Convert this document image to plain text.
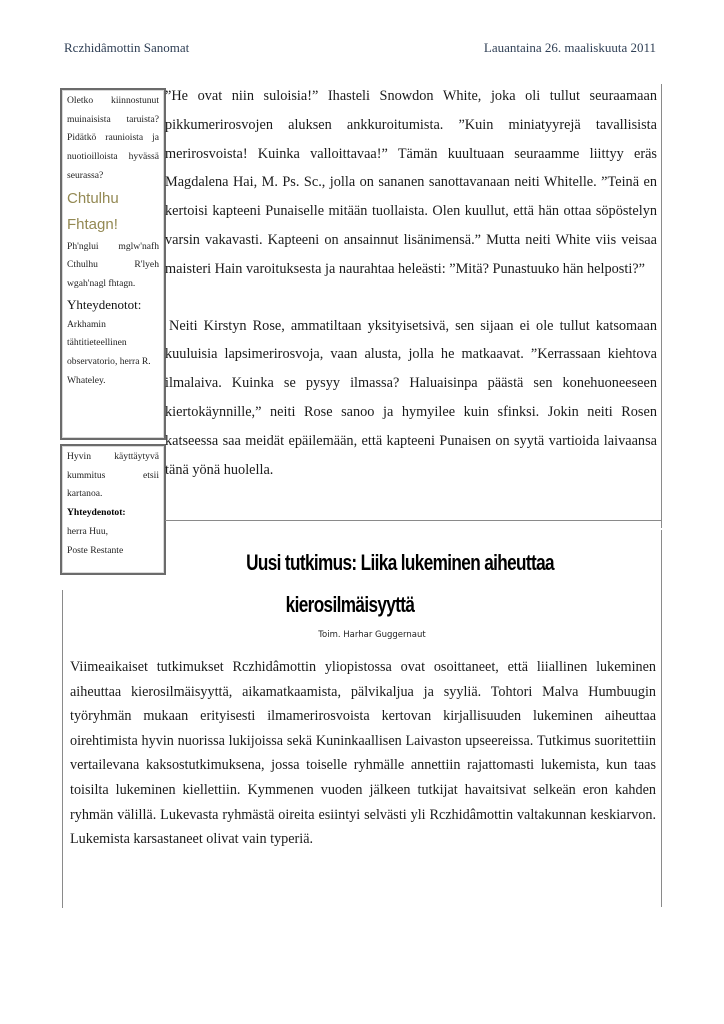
Rczhidâmottin Sanomat	Lauantaina 26. maaliskuuta 2011

Oletko kiinnostunut muinaisista taruista? Pidätkö raunioista ja nuotioilloista hyvässä seurassa?

Chtulhu Fhtagn!

Ph'nglui mglw'nafh Cthulhu R'lyeh wgah'nagl fhtagn.

Yhteydenotot:

Arkhamin tähtitieteellinen observatorio, herra R. Whateley.

Hyvin käyttäytyvä kummitus etsii kartanoa.

Yhteydenotot:

herra Huu,

Poste Restante

”He ovat niin suloisia!” Ihasteli Snowdon White, joka oli tullut seuraamaan pikkumerirosvojen aluksen ankkuroitumista. ”Kuin miniatyyrejä tavallisista merirosvoista! Kuinka valloittavaa!” Tämän kuultuaan seuraamme liittyy eräs Magdalena Hai, M. Ps. Sc., jolla on sananen sanottavanaan neiti Whitelle. ”Teinä en kertoisi kapteeni Punaiselle mitään tuollaista. Olen kuullut, että hän ottaa söpöstelyn varsin vakavasti. Kapteeni on ansainnut lisänimensä.” Mutta neiti White viis veisaa maisteri Hain varoituksesta ja naurahtaa heleästi: ”Mitä? Punastuuko hän helposti?”

Neiti Kirstyn Rose, ammatiltaan yksityisetsivä, sen sijaan ei ole tullut katsomaan kuuluisia lapsimerirosvoja, vaan alusta, jolla he matkaavat. ”Kerrassaan kiehtova ilmalaiva. Kuinka se pysyy ilmassa? Haluaisinpa päästä sen konehuoneeseen kiertokäynnille,” neiti Rose sanoo ja hymyilee kuin sfinksi. Jokin neiti Rosen katseessa saa meidät epäilemään, että kapteeni Punaisen on syytä vartioida laivaansa tänä yönä huolella.

Uusi tutkimus: Liika lukeminen aiheuttaa
kierosilmäisyyttä
Toim. Harhar Guggernaut

Viimeaikaiset tutkimukset Rczhidâmottin yliopistossa ovat osoittaneet, että liiallinen lukeminen aiheuttaa kierosilmäisyyttä, aikamatkaamista, pälvikaljua ja syyliä. Tohtori Malva Humbuugin työryhmän mukaan erityisesti ilmamerirosvoista kertovan kirjallisuuden lukeminen aiheuttaa oirehtimista hyvin nuorissa lukijoissa sekä Kuninkaallisen Laivaston upseereissa. Tutkimus suoritettiin vertailevana kaksostutkimuksena, jossa toiselle ryhmälle annettiin rajattomasti lukemista, kun taas toisilta lukeminen kiellettiin. Kymmenen vuoden jälkeen tutkijat havaitsivat selkeän eron kahden ryhmän välillä. Lukevasta ryhmästä oireita esiintyi selvästi yli Rczhidâmottin valtakunnan keskiarvon. Lukemista karsastaneet olivat vain typeriä.
